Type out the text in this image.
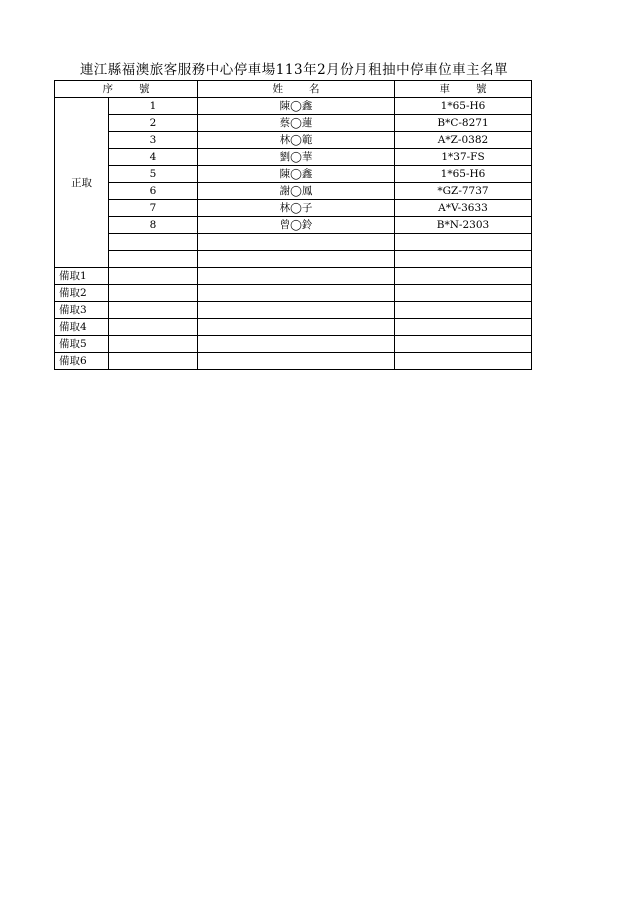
連江縣福澳旅客服務中心停車場113年2月份月租抽中停車位車主名單
序號		姓名	車號
正取	1	陳◯鑫	1*65-H6
	2	蔡◯蓮	B*C-8271
	3	林◯範	A*Z-0382
	4	劉◯華	1*37-FS
	5	陳◯鑫	1*65-H6
	6	謝◯鳳	*GZ-7737
	7	林◯子	A*V-3633
	8	曾◯鈴	B*N-2303

備取1			
備取2			
備取3			
備取4			
備取5			
備取6			
